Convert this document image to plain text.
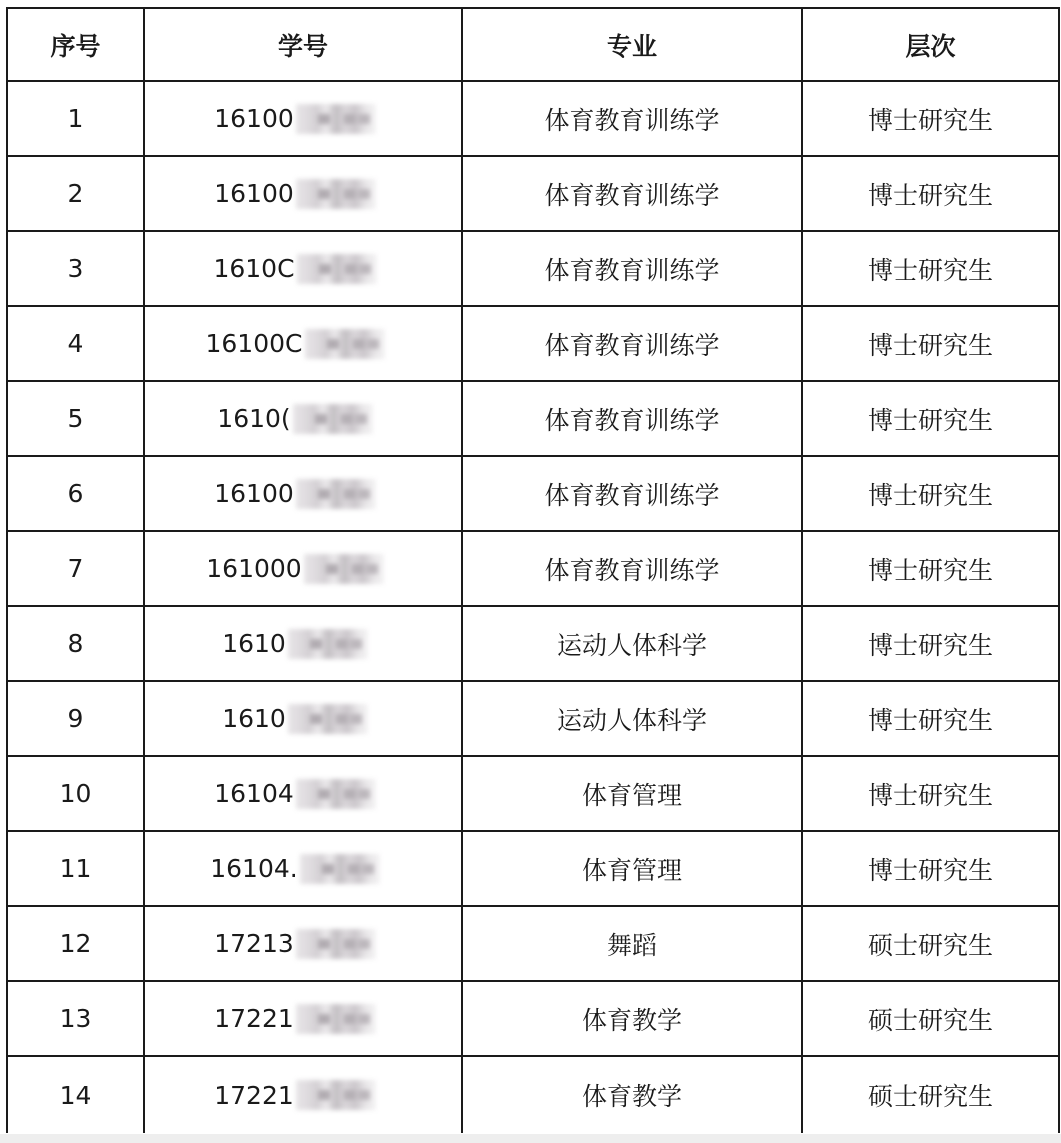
序号	学号	专业	层次
1	16100	体育教育训练学	博士研究生
2	16100	体育教育训练学	博士研究生
3	1610C	体育教育训练学	博士研究生
4	16100C	体育教育训练学	博士研究生
5	1610(	体育教育训练学	博士研究生
6	16100	体育教育训练学	博士研究生
7	161000	体育教育训练学	博士研究生
8	1610	运动人体科学	博士研究生
9	1610	运动人体科学	博士研究生
10	16104	体育管理	博士研究生
11	16104.	体育管理	博士研究生
12	17213	舞蹈	硕士研究生
13	17221	体育教学	硕士研究生
14	17221	体育教学	硕士研究生
